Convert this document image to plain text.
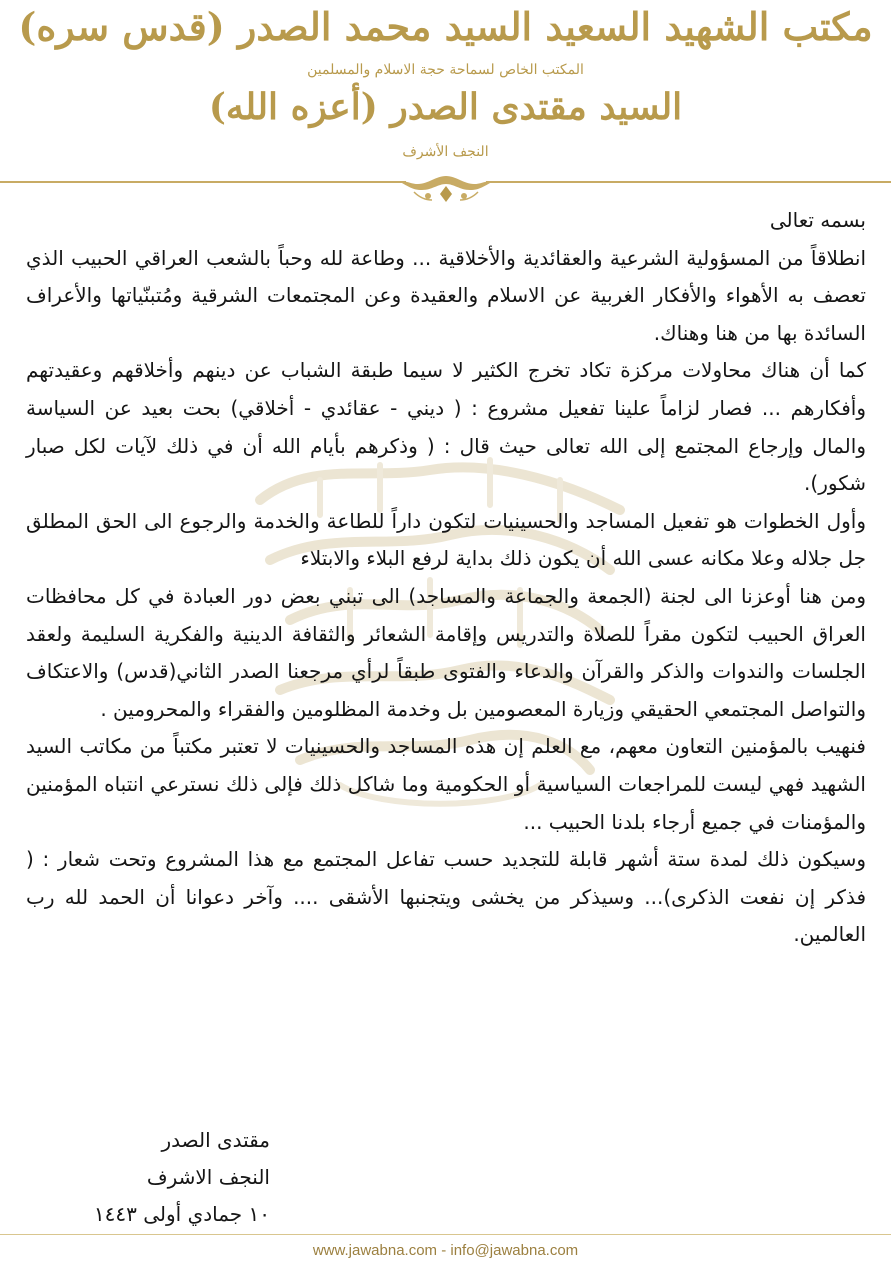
مكتب الشهيد السعيد السيد محمد الصدر (قدس سره)
المكتب الخاص لسماحة حجة الاسلام والمسلمين
السيد مقتدى الصدر (أعزه الله)
النجف الأشرف

بسمه تعالى

انطلاقاً من المسؤولية الشرعية والعقائدية والأخلاقية ... وطاعة لله وحباً بالشعب العراقي الحبيب الذي تعصف به الأهواء والأفكار الغربية عن الاسلام والعقيدة وعن المجتمعات الشرقية ومُتبنّياتها والأعراف السائدة بها من هنا وهناك.

كما أن هناك محاولات مركزة تكاد تخرج الكثير لا سيما طبقة الشباب عن دينهم وأخلاقهم وعقيدتهم وأفكارهم ... فصار لزاماً علينا تفعيل مشروع : ( ديني - عقائدي - أخلاقي) بحت بعيد عن السياسة والمال وإرجاع المجتمع إلى الله تعالى حيث قال : ( وذكرهم بأيام الله أن في ذلك لآيات لكل صبار شكور).

وأول الخطوات هو تفعيل المساجد والحسينيات لتكون داراً للطاعة والخدمة والرجوع الى الحق المطلق جل جلاله وعلا مكانه عسى الله أن يكون ذلك بداية لرفع البلاء والابتلاء

ومن هنا أوعزنا الى لجنة (الجمعة والجماعة والمساجد) الى تبني بعض دور العبادة في كل محافظات العراق الحبيب لتكون مقراً للصلاة والتدريس وإقامة الشعائر والثقافة الدينية والفكرية السليمة ولعقد الجلسات والندوات والذكر والقرآن والدعاء والفتوى طبقاً لرأي مرجعنا الصدر الثاني(قدس) والاعتكاف والتواصل المجتمعي الحقيقي وزيارة المعصومين بل وخدمة المظلومين والفقراء والمحرومين .

فنهيب بالمؤمنين التعاون معهم، مع العلم إن هذه المساجد والحسينيات لا تعتبر مكتباً من مكاتب السيد الشهيد فهي ليست للمراجعات السياسية أو الحكومية وما شاكل ذلك فإلى ذلك نسترعي انتباه المؤمنين والمؤمنات في جميع أرجاء بلدنا الحبيب ...

وسيكون ذلك لمدة ستة أشهر قابلة للتجديد حسب تفاعل المجتمع مع هذا المشروع وتحت شعار : ( فذكر إن نفعت الذكرى)... وسيذكر من يخشى ويتجنبها الأشقى .... وآخر دعوانا أن الحمد لله رب العالمين.

مقتدى الصدر
النجف الاشرف
١٠ جمادي أولى ١٤٤٣
www.jawabna.com - info@jawabna.com
